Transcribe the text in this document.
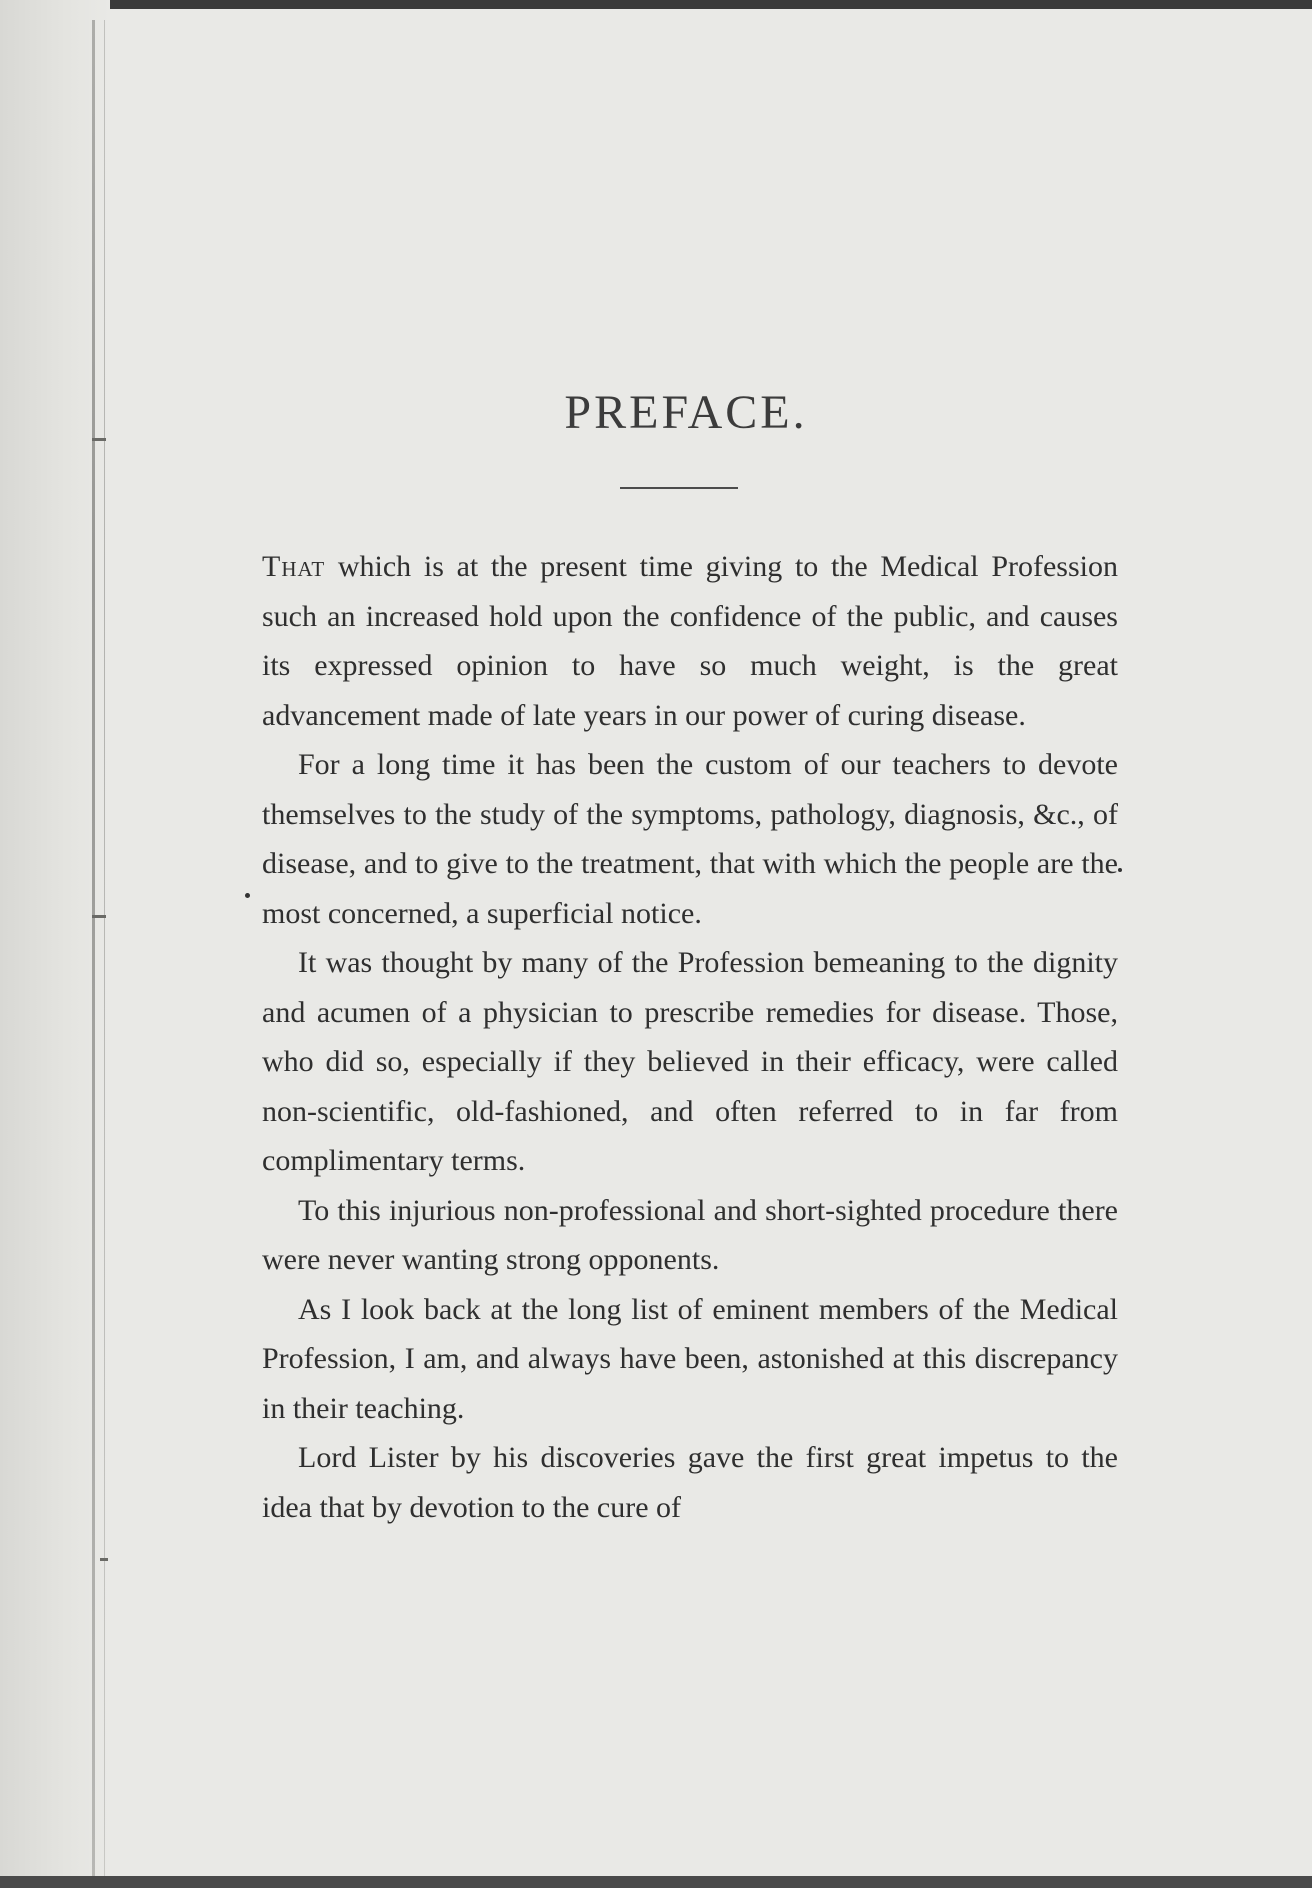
PREFACE.

That which is at the present time giving to the Medical Profession such an increased hold upon the confidence of the public, and causes its expressed opinion to have so much weight, is the great advancement made of late years in our power of curing disease.

For a long time it has been the custom of our teachers to devote themselves to the study of the symptoms, pathology, diagnosis, &c., of disease, and to give to the treatment, that with which the people are the most concerned, a superficial notice.

It was thought by many of the Profession bemeaning to the dignity and acumen of a physician to prescribe remedies for disease. Those, who did so, especially if they believed in their efficacy, were called non-scientific, old-fashioned, and often referred to in far from complimentary terms.

To this injurious non-professional and short-sighted procedure there were never wanting strong opponents.

As I look back at the long list of eminent members of the Medical Profession, I am, and always have been, astonished at this discrepancy in their teaching.

Lord Lister by his discoveries gave the first great impetus to the idea that by devotion to the cure of
